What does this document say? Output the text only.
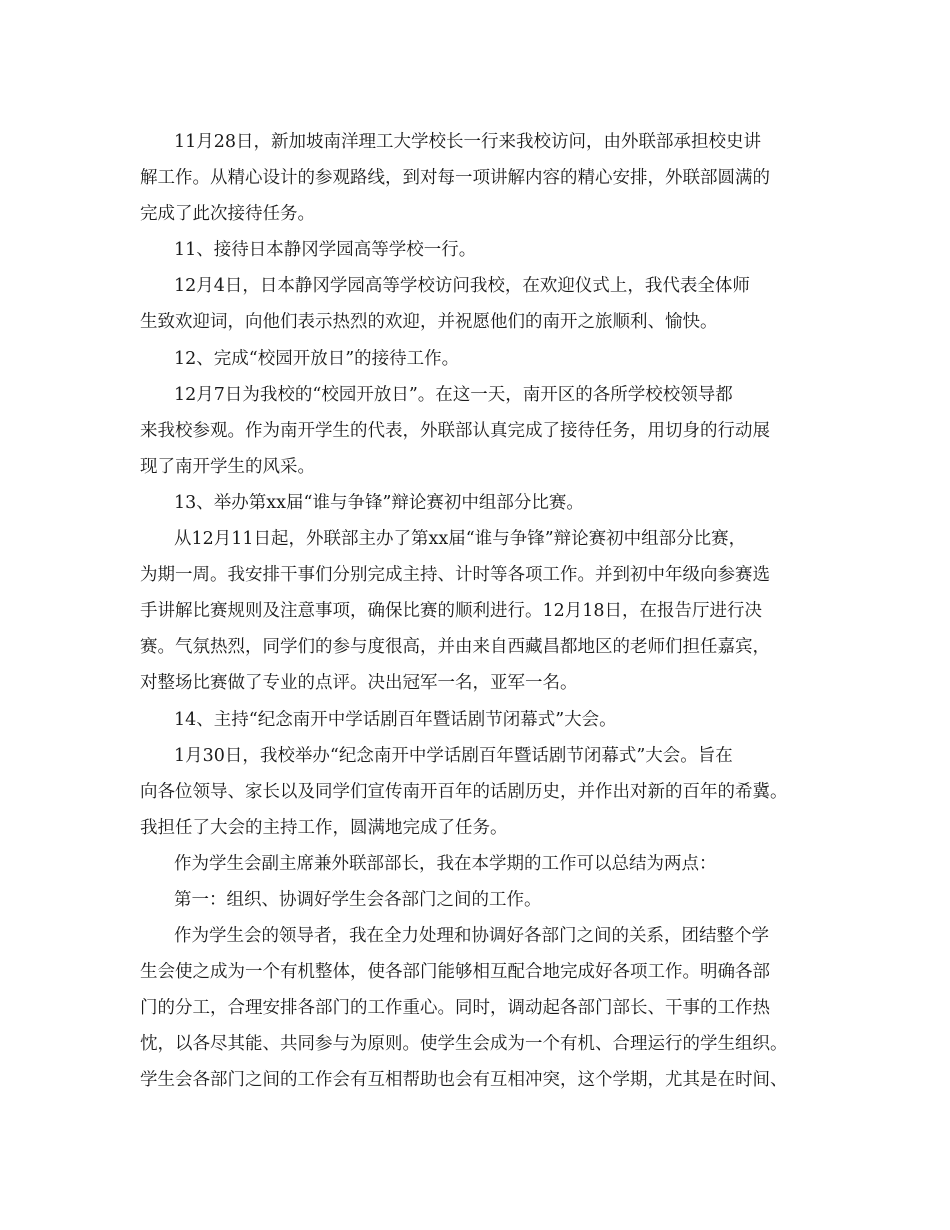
11月28日，新加坡南洋理工大学校长一行来我校访问，由外联部承担校史讲
解工作。从精心设计的参观路线，到对每一项讲解内容的精心安排，外联部圆满的
完成了此次接待任务。
11、接待日本静冈学园高等学校一行。
12月4日，日本静冈学园高等学校访问我校，在欢迎仪式上，我代表全体师
生致欢迎词，向他们表示热烈的欢迎，并祝愿他们的南开之旅顺利、愉快。
12、完成“校园开放日”的接待工作。
12月7日为我校的“校园开放日”。在这一天，南开区的各所学校校领导都
来我校参观。作为南开学生的代表，外联部认真完成了接待任务，用切身的行动展
现了南开学生的风采。
13、举办第xx届“谁与争锋”辩论赛初中组部分比赛。
从12月11日起，外联部主办了第xx届“谁与争锋”辩论赛初中组部分比赛，
为期一周。我安排干事们分别完成主持、计时等各项工作。并到初中年级向参赛选
手讲解比赛规则及注意事项，确保比赛的顺利进行。12月18日，在报告厅进行决
赛。气氛热烈，同学们的参与度很高，并由来自西藏昌都地区的老师们担任嘉宾，
对整场比赛做了专业的点评。决出冠军一名，亚军一名。
14、主持“纪念南开中学话剧百年暨话剧节闭幕式”大会。
1月30日，我校举办“纪念南开中学话剧百年暨话剧节闭幕式”大会。旨在
向各位领导、家长以及同学们宣传南开百年的话剧历史，并作出对新的百年的希冀。
我担任了大会的主持工作，圆满地完成了任务。
作为学生会副主席兼外联部部长，我在本学期的工作可以总结为两点：
第一：组织、协调好学生会各部门之间的工作。
作为学生会的领导者，我在全力处理和协调好各部门之间的关系，团结整个学
生会使之成为一个有机整体，使各部门能够相互配合地完成好各项工作。明确各部
门的分工，合理安排各部门的工作重心。同时，调动起各部门部长、干事的工作热
忱，以各尽其能、共同参与为原则。使学生会成为一个有机、合理运行的学生组织。
学生会各部门之间的工作会有互相帮助也会有互相冲突，这个学期，尤其是在时间、
